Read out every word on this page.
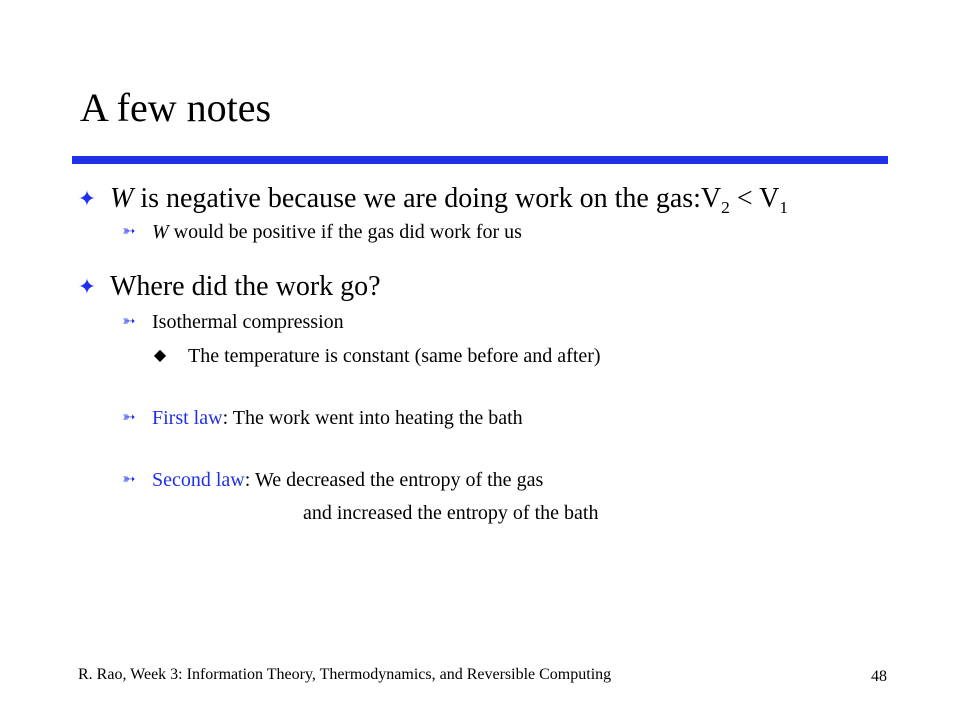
A few notes
✦ W is negative because we are doing work on the $gas:V_2 < V_1$
➳ W would be positive if the gas did work for us
✦ Where did the work go?
➳ Isothermal compression
◆ The temperature is constant (same before and after)
➳ First law: The work went into heating the bath
➳ Second law: We decreased the entropy of the gas
and increased the entropy of the bath
R. Rao, Week 3: Information Theory, Thermodynamics, and Reversible Computing	48
